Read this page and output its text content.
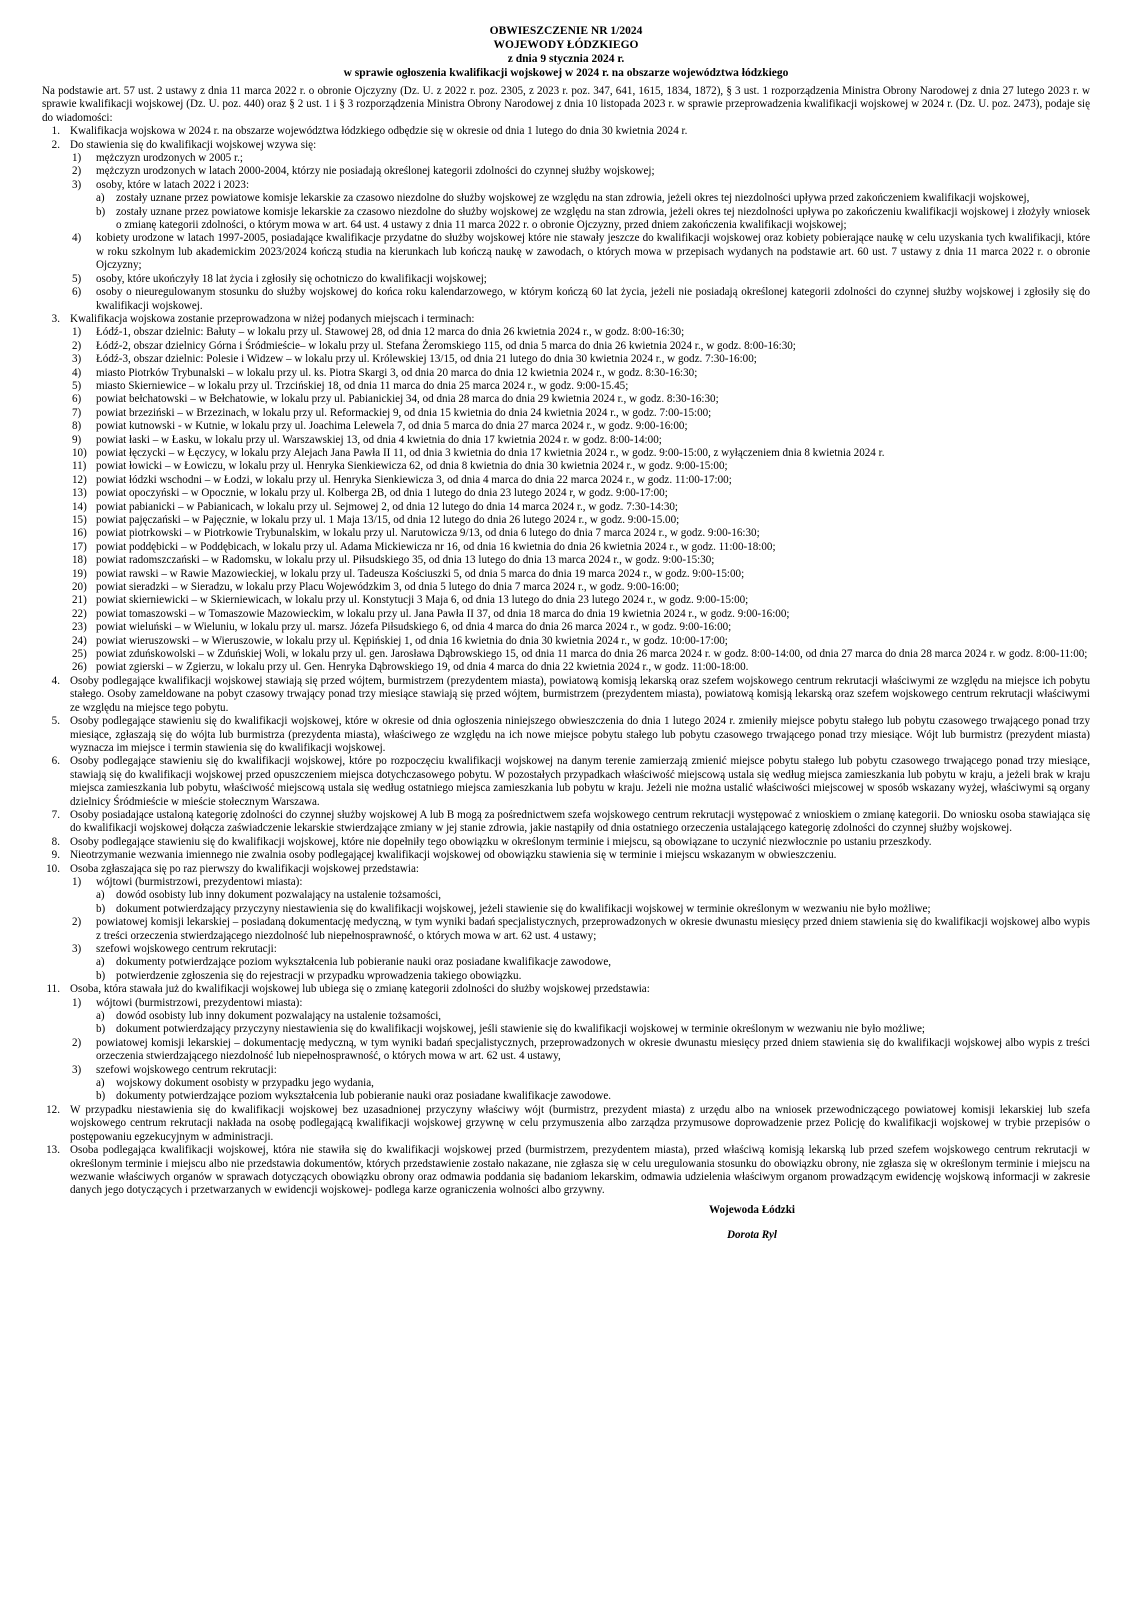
OBWIESZCZENIE NR 1/2024
WOJEWODY ŁÓDZKIEGO
z dnia 9 stycznia 2024 r.
w sprawie ogłoszenia kwalifikacji wojskowej w 2024 r. na obszarze województwa łódzkiego

Na podstawie art. 57 ust. 2 ustawy z dnia 11 marca 2022 r. o obronie Ojczyzny (Dz. U. z 2022 r. poz. 2305, z 2023 r. poz. 347, 641, 1615, 1834, 1872), § 3 ust. 1 rozporządzenia Ministra Obrony Narodowej z dnia 27 lutego 2023 r. w sprawie kwalifikacji wojskowej (Dz. U. poz. 440) oraz § 2 ust. 1 i § 3 rozporządzenia Ministra Obrony Narodowej z dnia 10 listopada 2023 r. w sprawie przeprowadzenia kwalifikacji wojskowej w 2024 r. (Dz. U. poz. 2473), podaje się do wiadomości:

1. Kwalifikacja wojskowa w 2024 r. na obszarze województwa łódzkiego odbędzie się w okresie od dnia 1 lutego do dnia 30 kwietnia 2024 r.
2. Do stawienia się do kwalifikacji wojskowej wzywa się:
1)	mężczyzn urodzonych w 2005 r.;
2)	mężczyzn urodzonych w latach 2000-2004, którzy nie posiadają określonej kategorii zdolności do czynnej służby wojskowej;
3)	osoby, które w latach 2022 i 2023:
a)	zostały uznane przez powiatowe komisje lekarskie za czasowo niezdolne do służby wojskowej ze względu na stan zdrowia, jeżeli okres tej niezdolności upływa przed zakończeniem kwalifikacji wojskowej,
b) zostały uznane przez powiatowe komisje lekarskie za czasowo niezdolne do służby wojskowej ze względu na stan zdrowia, jeżeli okres tej niezdolności upływa po zakończeniu kwalifikacji wojskowej i złożyły wniosek o zmianę kategorii zdolności, o którym mowa w art. 64 ust. 4 ustawy z dnia 11 marca 2022 r. o obronie Ojczyzny, przed dniem zakończenia kwalifikacji wojskowej;
4)	kobiety urodzone w latach 1997-2005, posiadające kwalifikacje przydatne do służby wojskowej które nie stawały jeszcze do kwalifikacji wojskowej oraz kobiety pobierające naukę w celu uzyskania tych kwalifikacji, które w roku szkolnym lub akademickim 2023/2024 kończą studia na kierunkach lub kończą naukę w zawodach, o których mowa w przepisach wydanych na podstawie art. 60 ust. 7 ustawy z dnia 11 marca 2022 r. o obronie Ojczyzny;
5)	osoby, które ukończyły 18 lat życia i zgłosiły się ochotniczo do kwalifikacji wojskowej;
6)	osoby o nieuregulowanym stosunku do służby wojskowej do końca roku kalendarzowego, w którym kończą 60 lat życia, jeżeli nie posiadają określonej kategorii zdolności do czynnej służby wojskowej i zgłosiły się do kwalifikacji wojskowej.
3. Kwalifikacja wojskowa zostanie przeprowadzona w niżej podanych miejscach i terminach:
1)	Łódź-1, obszar dzielnic: Bałuty – w lokalu przy ul. Stawowej 28, od dnia 12 marca do dnia 26 kwietnia 2024 r., w godz. 8:00-16:30;
2)	Łódź-2, obszar dzielnicy Górna i Śródmieście– w lokalu przy ul. Stefana Żeromskiego 115, od dnia 5 marca do dnia 26 kwietnia 2024 r., w godz. 8:00-16:30;
3)	Łódź-3, obszar dzielnic: Polesie i Widzew – w lokalu przy ul. Królewskiej 13/15, od dnia 21 lutego do dnia 30 kwietnia 2024 r., w godz. 7:30-16:00;
4)	miasto Piotrków Trybunalski – w lokalu przy ul. ks. Piotra Skargi 3, od dnia 20 marca do dnia 12 kwietnia 2024 r., w godz. 8:30-16:30;
5)	miasto Skierniewice – w lokalu przy ul. Trzcińskiej 18, od dnia 11 marca do dnia 25 marca 2024 r., w godz. 9:00-15.45;
6)	powiat bełchatowski – w Bełchatowie, w lokalu przy ul. Pabianickiej 34, od dnia 28 marca do dnia 29 kwietnia 2024 r., w godz. 8:30-16:30;
7)	powiat brzeziński – w Brzezinach, w lokalu przy ul. Reformackiej 9, od dnia 15 kwietnia do dnia 24 kwietnia 2024 r., w godz. 7:00-15:00;
8)	powiat kutnowski - w Kutnie, w lokalu przy ul. Joachima Lelewela 7, od dnia 5 marca do dnia 27 marca 2024 r., w godz. 9:00-16:00;
9)	powiat łaski – w Łasku, w lokalu przy ul. Warszawskiej 13, od dnia 4 kwietnia do dnia 17 kwietnia 2024 r. w godz. 8:00-14:00;
10) powiat łęczycki – w Łęczycy, w lokalu przy Alejach Jana Pawła II 11, od dnia 3 kwietnia do dnia 17 kwietnia 2024 r., w godz. 9:00-15:00, z wyłączeniem dnia 8 kwietnia 2024 r.
11) powiat łowicki – w Łowiczu, w lokalu przy ul. Henryka Sienkiewicza 62, od dnia 8 kwietnia do dnia 30 kwietnia 2024 r., w godz. 9:00-15:00;
12) powiat łódzki wschodni – w Łodzi, w lokalu przy ul. Henryka Sienkiewicza 3, od dnia 4 marca do dnia 22 marca 2024 r., w godz. 11:00-17:00;
13) powiat opoczyński – w Opocznie, w lokalu przy ul. Kolberga 2B, od dnia 1 lutego do dnia 23 lutego 2024 r, w godz. 9:00-17:00;
14) powiat pabianicki – w Pabianicach, w lokalu przy ul. Sejmowej 2, od dnia 12 lutego do dnia 14 marca 2024 r., w godz. 7:30-14:30;
15) powiat pajęczański – w Pajęcznie, w lokalu przy ul. 1 Maja 13/15, od dnia 12 lutego do dnia 26 lutego 2024 r., w godz. 9:00-15.00;
16) powiat piotrkowski – w Piotrkowie Trybunalskim, w lokalu przy ul. Narutowicza 9/13, od dnia 6 lutego do dnia 7 marca 2024 r., w godz. 9:00-16:30;
17) powiat poddębicki – w Poddębicach, w lokalu przy ul. Adama Mickiewicza nr 16, od dnia 16 kwietnia do dnia 26 kwietnia 2024 r., w godz. 11:00-18:00;
18) powiat radomszczański – w Radomsku, w lokalu przy ul. Piłsudskiego 35, od dnia 13 lutego do dnia 13 marca 2024 r., w godz. 9:00-15:30;
19) powiat rawski – w Rawie Mazowieckiej, w lokalu przy ul. Tadeusza Kościuszki 5, od dnia 5 marca do dnia 19 marca 2024 r., w godz. 9:00-15:00;
20) powiat sieradzki – w Sieradzu, w lokalu przy Placu Wojewódzkim 3, od dnia 5 lutego do dnia 7 marca 2024 r., w godz. 9:00-16:00;
21) powiat skierniewicki – w Skierniewicach, w lokalu przy ul. Konstytucji 3 Maja 6, od dnia 13 lutego do dnia 23 lutego 2024 r., w godz. 9:00-15:00;
22) powiat tomaszowski – w Tomaszowie Mazowieckim, w lokalu przy ul. Jana Pawła II 37, od dnia 18 marca do dnia 19 kwietnia 2024 r., w godz. 9:00-16:00;
23) powiat wieluński – w Wieluniu, w lokalu przy ul. marsz. Józefa Piłsudskiego 6, od dnia 4 marca do dnia 26 marca 2024 r., w godz. 9:00-16:00;
24) powiat wieruszowski – w Wieruszowie, w lokalu przy ul. Kępińskiej 1, od dnia 16 kwietnia do dnia 30 kwietnia 2024 r., w godz. 10:00-17:00;
25) powiat zduńskowolski – w Zduńskiej Woli, w lokalu przy ul. gen. Jarosława Dąbrowskiego 15, od dnia 11 marca do dnia 26 marca 2024 r. w godz. 8:00-14:00, od dnia 27 marca do dnia 28 marca 2024 r. w godz. 8:00-11:00;
26) powiat zgierski – w Zgierzu, w lokalu przy ul. Gen. Henryka Dąbrowskiego 19, od dnia 4 marca do dnia 22 kwietnia 2024 r., w godz. 11:00-18:00.
4. Osoby podlegające kwalifikacji wojskowej stawiają się przed wójtem, burmistrzem (prezydentem miasta), powiatową komisją lekarską oraz szefem wojskowego centrum rekrutacji właściwymi ze względu na miejsce ich pobytu stałego. Osoby zameldowane na pobyt czasowy trwający ponad trzy miesiące stawiają się przed wójtem, burmistrzem (prezydentem miasta), powiatową komisją lekarską oraz szefem wojskowego centrum rekrutacji właściwymi ze względu na miejsce tego pobytu.
5. Osoby podlegające stawieniu się do kwalifikacji wojskowej, które w okresie od dnia ogłoszenia niniejszego obwieszczenia do dnia 1 lutego 2024 r. zmieniły miejsce pobytu stałego lub pobytu czasowego trwającego ponad trzy miesiące, zgłaszają się do wójta lub burmistrza (prezydenta miasta), właściwego ze względu na ich nowe miejsce pobytu stałego lub pobytu czasowego trwającego ponad trzy miesiące. Wójt lub burmistrz (prezydent miasta) wyznacza im miejsce i termin stawienia się do kwalifikacji wojskowej.
6. Osoby podlegające stawieniu się do kwalifikacji wojskowej, które po rozpoczęciu kwalifikacji wojskowej na danym terenie zamierzają zmienić miejsce pobytu stałego lub pobytu czasowego trwającego ponad trzy miesiące, stawiają się do kwalifikacji wojskowej przed opuszczeniem miejsca dotychczasowego pobytu. W pozostałych przypadkach właściwość miejscową ustala się według miejsca zamieszkania lub pobytu w kraju, a jeżeli brak w kraju miejsca zamieszkania lub pobytu, właściwość miejscową ustala się według ostatniego miejsca zamieszkania lub pobytu w kraju. Jeżeli nie można ustalić właściwości miejscowej w sposób wskazany wyżej, właściwymi są organy dzielnicy Śródmieście w mieście stołecznym Warszawa.
7. Osoby posiadające ustaloną kategorię zdolności do czynnej służby wojskowej A lub B mogą za pośrednictwem szefa wojskowego centrum rekrutacji występować z wnioskiem o zmianę kategorii. Do wniosku osoba stawiająca się do kwalifikacji wojskowej dołącza zaświadczenie lekarskie stwierdzające zmiany w jej stanie zdrowia, jakie nastąpiły od dnia ostatniego orzeczenia ustalającego kategorię zdolności do czynnej służby wojskowej.
8. Osoby podlegające stawieniu się do kwalifikacji wojskowej, które nie dopełniły tego obowiązku w określonym terminie i miejscu, są obowiązane to uczynić niezwłocznie po ustaniu przeszkody.
9. Nieotrzymanie wezwania imiennego nie zwalnia osoby podlegającej kwalifikacji wojskowej od obowiązku stawienia się w terminie i miejscu wskazanym w obwieszczeniu.
10. Osoba zgłaszająca się po raz pierwszy do kwalifikacji wojskowej przedstawia:
1)	wójtowi (burmistrzowi, prezydentowi miasta):
a)	dowód osobisty lub inny dokument pozwalający na ustalenie tożsamości,
b) dokument potwierdzający przyczyny niestawienia się do kwalifikacji wojskowej, jeżeli stawienie się do kwalifikacji wojskowej w terminie określonym w wezwaniu nie było możliwe;
2)	powiatowej komisji lekarskiej – posiadaną dokumentację medyczną, w tym wyniki badań specjalistycznych, przeprowadzonych w okresie dwunastu miesięcy przed dniem stawienia się do kwalifikacji wojskowej albo wypis z treści orzeczenia stwierdzającego niezdolność lub niepełnosprawność, o których mowa w art. 62 ust. 4 ustawy;
3)	szefowi wojskowego centrum rekrutacji:
a)	dokumenty potwierdzające poziom wykształcenia lub pobieranie nauki oraz posiadane kwalifikacje zawodowe,
b) potwierdzenie zgłoszenia się do rejestracji w przypadku wprowadzenia takiego obowiązku.
11. Osoba, która stawała już do kwalifikacji wojskowej lub ubiega się o zmianę kategorii zdolności do służby wojskowej przedstawia:
1)	wójtowi (burmistrzowi, prezydentowi miasta):
a)	dowód osobisty lub inny dokument pozwalający na ustalenie tożsamości,
b) dokument potwierdzający przyczyny niestawienia się do kwalifikacji wojskowej, jeśli stawienie się do kwalifikacji wojskowej w terminie określonym w wezwaniu nie było możliwe;
2)	powiatowej komisji lekarskiej – dokumentację medyczną, w tym wyniki badań specjalistycznych, przeprowadzonych w okresie dwunastu miesięcy przed dniem stawienia się do kwalifikacji wojskowej albo wypis z treści orzeczenia stwierdzającego niezdolność lub niepełnosprawność, o których mowa w art. 62 ust. 4 ustawy,
3)	szefowi wojskowego centrum rekrutacji:
a)	wojskowy dokument osobisty w przypadku jego wydania,
b) dokumenty potwierdzające poziom wykształcenia lub pobieranie nauki oraz posiadane kwalifikacje zawodowe.
12. W przypadku niestawienia się do kwalifikacji wojskowej bez uzasadnionej przyczyny właściwy wójt (burmistrz, prezydent miasta) z urzędu albo na wniosek przewodniczącego powiatowej komisji lekarskiej lub szefa wojskowego centrum rekrutacji nakłada na osobę podlegającą kwalifikacji wojskowej grzywnę w celu przymuszenia albo zarządza przymusowe doprowadzenie przez Policję do kwalifikacji wojskowej w trybie przepisów o postępowaniu egzekucyjnym w administracji.
13. Osoba podlegająca kwalifikacji wojskowej, która nie stawiła się do kwalifikacji wojskowej przed (burmistrzem, prezydentem miasta), przed właściwą komisją lekarską lub przed szefem wojskowego centrum rekrutacji w określonym terminie i miejscu albo nie przedstawia dokumentów, których przedstawienie zostało nakazane, nie zgłasza się w celu uregulowania stosunku do obowiązku obrony, nie zgłasza się w określonym terminie i miejscu na wezwanie właściwych organów w sprawach dotyczących obowiązku obrony oraz odmawia poddania się badaniom lekarskim, odmawia udzielenia właściwym organom prowadzącym ewidencję wojskową informacji w zakresie danych jego dotyczących i przetwarzanych w ewidencji wojskowej- podlega karze ograniczenia wolności albo grzywny.
Wojewoda Łódzki
Dorota Ryl
